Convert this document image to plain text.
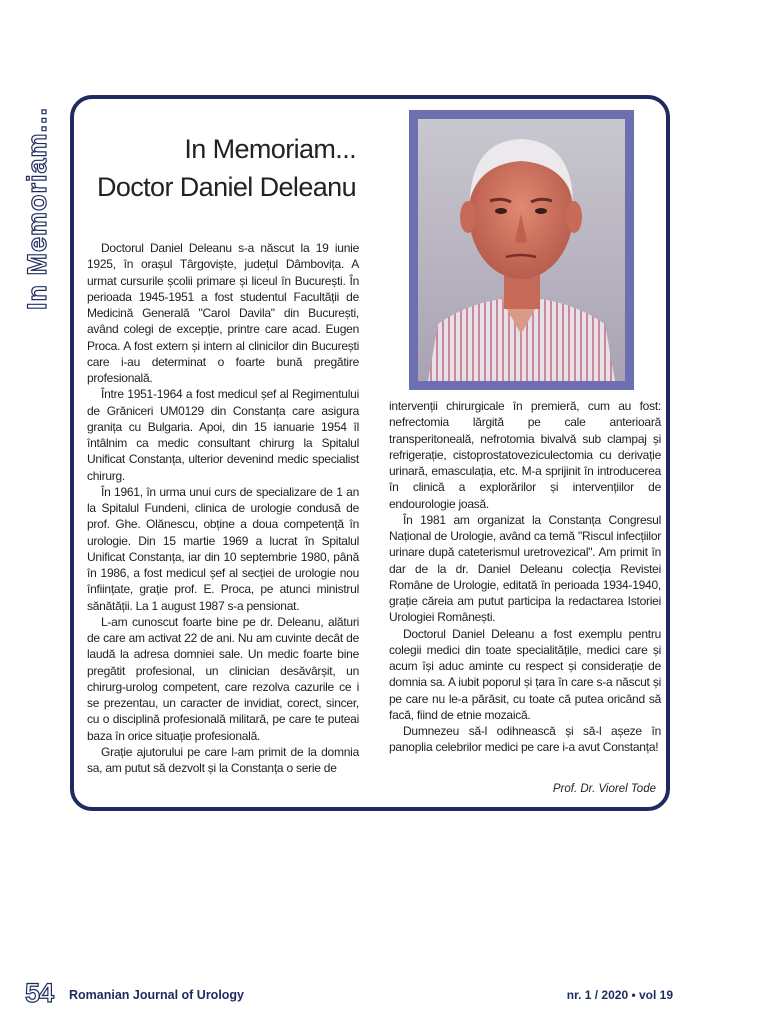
In Memoriam...	In Memoriam...
Doctor Daniel Deleanu

Doctorul Daniel Deleanu s-a născut la 19 iunie 1925, în orașul Târgoviște, județul Dâmbovița. A urmat cursurile școlii primare și liceul în București. În perioada 1945-1951 a fost studentul Facultății de Medicină Generală "Carol Davila" din București, având colegi de excepție, printre care acad. Eugen Proca. A fost extern și intern al clinicilor din București care i-au determinat o foarte bună pregătire profesională.

Între 1951-1964 a fost medicul șef al Regimentului de Grăniceri UM0129 din Constanța care asigura granița cu Bulgaria. Apoi, din 15 ianuarie 1954 îl întâlnim ca medic consultant chirurg la Spitalul Unificat Constanța, ulterior devenind medic specialist chirurg.

În 1961, în urma unui curs de specializare de 1 an la Spitalul Fundeni, clinica de urologie condusă de prof. Ghe. Olănescu, obține a doua competență în urologie. Din 15 martie 1969 a lucrat în Spitalul Unificat Constanța, iar din 10 septembrie 1980, până în 1986, a fost medicul șef al secției de urologie nou înființate, grație prof. E. Proca, pe atunci ministrul sănătății. La 1 august 1987 s-a pensionat.

L-am cunoscut foarte bine pe dr. Deleanu, alături de care am activat 22 de ani. Nu am cuvinte decât de laudă la adresa domniei sale. Un medic foarte bine pregătit profesional, un clinician desăvârșit, un chirurg-urolog competent, care rezolva cazurile ce i se prezentau, un caracter de invidiat, corect, sincer, cu o disciplină profesională militară, pe care te puteai baza în orice situație profesională.

Grație ajutorului pe care l-am primit de la domnia sa, am putut să dezvolt și la Constanța o serie de

intervenții chirurgicale în premieră, cum au fost: nefrectomia lărgită pe cale anterioară transperitoneală, nefrotomia bivalvă sub clampaj și refrigerație, cistoprostatoveziculectomia cu derivație urinară, emasculația, etc. M-a sprijinit în introducerea în clinică a explorărilor și intervențiilor de endourologie joasă.

În 1981 am organizat la Constanța Congresul Național de Urologie, având ca temă "Riscul infecțiilor urinare după cateterismul uretrovezical". Am primit în dar de la dr. Daniel Deleanu colecția Revistei Române de Urologie, editată în perioada 1934-1940, grație căreia am putut participa la redactarea Istoriei Urologiei Românești.

Doctorul Daniel Deleanu a fost exemplu pentru colegii medici din toate specialitățile, medici care și acum își aduc aminte cu respect și considerație de domnia sa. A iubit poporul și țara în care s-a născut și pe care nu le-a părăsit, cu toate că putea oricând să facă, fiind de etnie mozaică.

Dumnezeu să-l odihnească și să-l așeze în panoplia celebrilor medici pe care i-a avut Constanța!

Prof. Dr. Viorel Tode
54 Romanian Journal of Urology	nr. 1 / 2020 • vol 19
